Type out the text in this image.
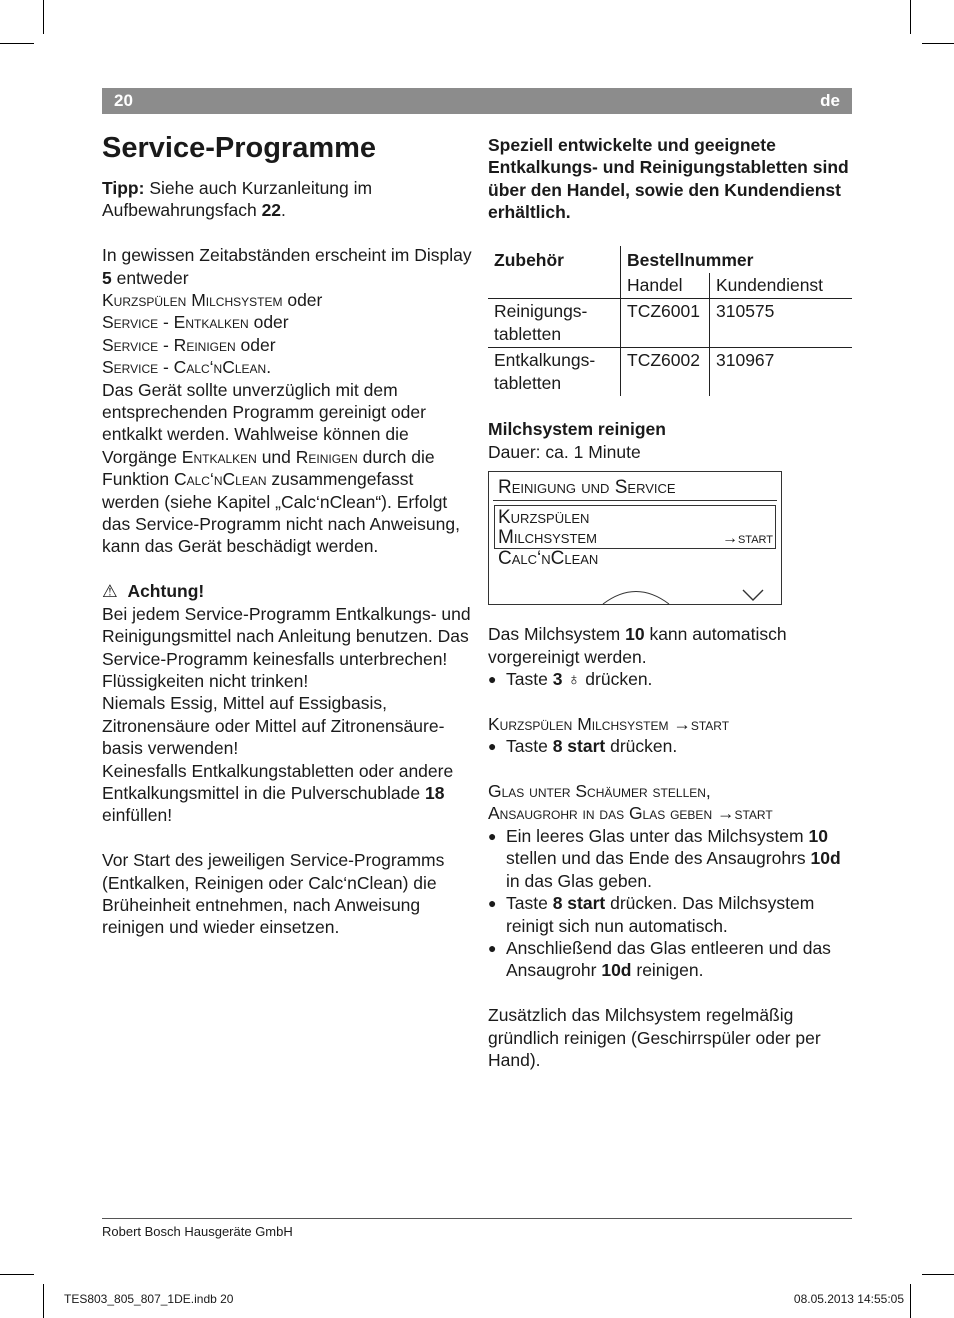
20	de
Service-Programme

Tipp: Siehe auch Kurzanleitung im Aufbewahrungsfach 22.

In gewissen Zeitabständen erscheint im Display 5 entweder

Kurzspülen Milchsystem oder

Service - Entkalken oder

Service - Reinigen oder

Service - Calc‘nClean.

Das Gerät sollte unverzüglich mit dem entsprechenden Programm gereinigt oder entkalkt werden. Wahlweise können die Vorgänge Entkalken und Reinigen durch die Funktion Calc‘nClean zusammengefasst werden (siehe Kapitel „Calc‘nClean“). Erfolgt das Service-Programm nicht nach Anweisung, kann das Gerät beschädigt werden.

⚠ Achtung!

Bei jedem Service-Programm Entkalkungs- und Reinigungsmittel nach Anleitung benutzen. Das Service-Programm keinesfalls unterbrechen!

Flüssigkeiten nicht trinken!

Niemals Essig, Mittel auf Essigbasis, Zitronensäure oder Mittel auf Zitronensäurebasis verwenden!

Keinesfalls Entkalkungstabletten oder andere Entkalkungsmittel in die Pulverschublade 18 einfüllen!

Vor Start des jeweiligen Service-Programms (Entkalken, Reinigen oder Calc‘nClean) die Brüheinheit entnehmen, nach Anweisung reinigen und wieder einsetzen.

Speziell entwickelte und geeignete Entkalkungs- und Reinigungstabletten sind über den Handel, sowie den Kundendienst erhältlich.

Zubehör	Bestellnummer	
	Handel	Kundendienst
Reinigungs-tabletten	TCZ6001	310575
Entkalkungs-tabletten	TCZ6002	310967

Milchsystem reinigen

Dauer: ca. 1 Minute

Reinigung und Service
Kurzspülen
Milchsystem	→start
Calc‘nClean

Das Milchsystem 10 kann automatisch vorgereinigt werden.

● Taste 3 ♁ drücken.

Kurzspülen Milchsystem →start

● Taste 8 start drücken.

Glas unter Schäumer stellen,

Ansaugrohr in das Glas geben →start

● Ein leeres Glas unter das Milchsystem 10 stellen und das Ende des Ansaugrohrs 10d in das Glas geben.
● Taste 8 start drücken. Das Milchsystem reinigt sich nun automatisch.
● Anschließend das Glas entleeren und das Ansaugrohr 10d reinigen.

Zusätzlich das Milchsystem regelmäßig gründlich reinigen (Geschirrspüler oder per Hand).

Robert Bosch Hausgeräte GmbH
TES803_805_807_1DE.indb 20	08.05.2013 14:55:05
